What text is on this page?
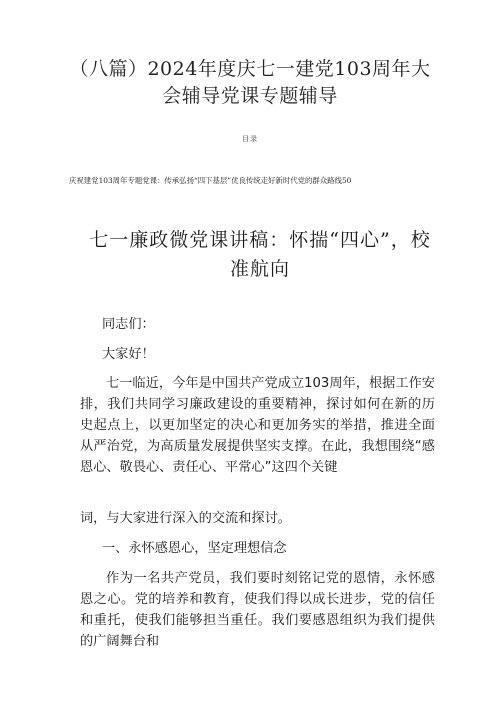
（八篇）2024年度庆七一建党103周年大
会辅导党课专题辅导
目录
庆祝建党103周年专题党课：传承弘扬“四下基层”优良传统走好新时代党的群众路线50
七一廉政微党课讲稿：怀揣“四心”，校
准航向
同志们：
大家好！
七一临近，今年是中国共产党成立103周年，根据工作安排，我们共同学习廉政建设的重要精神，探讨如何在新的历史起点上，以更加坚定的决心和更加务实的举措，推进全面从严治党，为高质量发展提供坚实支撑。在此，我想围绕“感恩心、敬畏心、责任心、平常心”这四个关键
词，与大家进行深入的交流和探讨。
一、永怀感恩心，坚定理想信念
作为一名共产党员，我们要时刻铭记党的恩情，永怀感恩之心。党的培养和教育，使我们得以成长进步，党的信任和重托，使我们能够担当重任。我们要感恩组织为我们提供的广阔舞台和
